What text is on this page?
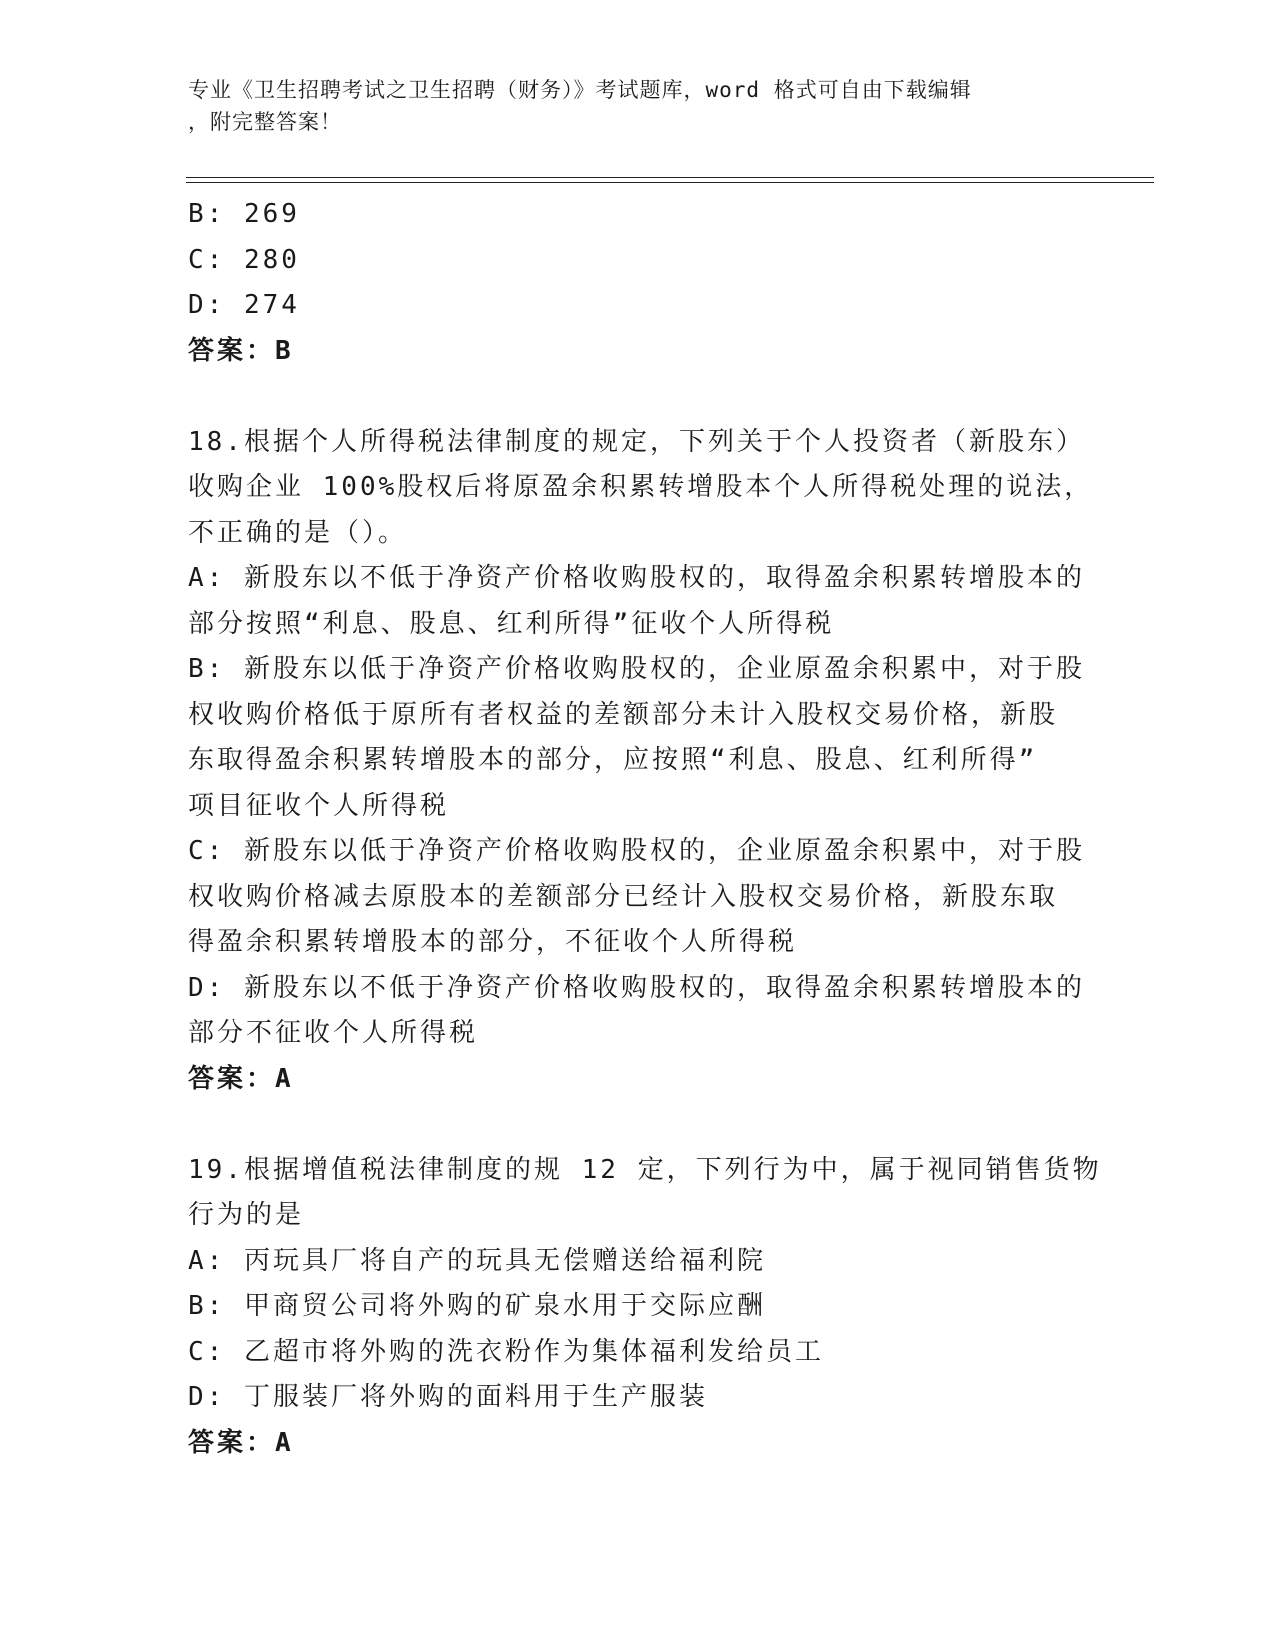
专业《卫生招聘考试之卫生招聘（财务）》考试题库，word 格式可自由下载编辑
，附完整答案！
B: 269
C: 280
D: 274
答案：B
18.根据个人所得税法律制度的规定，下列关于个人投资者（新股东）
收购企业 100%股权后将原盈余积累转增股本个人所得税处理的说法，
不正确的是（）。
A: 新股东以不低于净资产价格收购股权的，取得盈余积累转增股本的
部分按照“利息、股息、红利所得”征收个人所得税
B: 新股东以低于净资产价格收购股权的，企业原盈余积累中，对于股
权收购价格低于原所有者权益的差额部分未计入股权交易价格，新股
东取得盈余积累转增股本的部分，应按照“利息、股息、红利所得”
项目征收个人所得税
C: 新股东以低于净资产价格收购股权的，企业原盈余积累中，对于股
权收购价格减去原股本的差额部分已经计入股权交易价格，新股东取
得盈余积累转增股本的部分，不征收个人所得税
D: 新股东以不低于净资产价格收购股权的，取得盈余积累转增股本的
部分不征收个人所得税
答案：A
19.根据增值税法律制度的规 12 定，下列行为中，属于视同销售货物
行为的是
A: 丙玩具厂将自产的玩具无偿赠送给福利院
B: 甲商贸公司将外购的矿泉水用于交际应酬
C: 乙超市将外购的洗衣粉作为集体福利发给员工
D: 丁服装厂将外购的面料用于生产服装
答案：A
